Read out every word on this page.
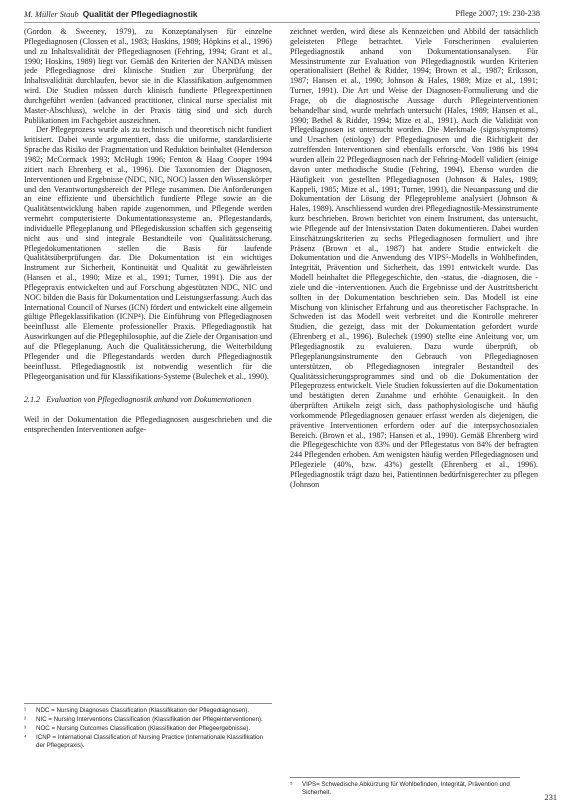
M. Müller Staub Qualität der Pflegediagnostik	Pflege 2007; 19: 230-238

(Gordon & Sweeney, 1979), zu Konzeptanalysen für einzelne Pflegediagnosen (Clossen et al., 1983; Hoskins, 1989; Höpkins et al., 1996) und zu Inhaltsvalidität der Pflegediagnosen (Fehring, 1994; Grant et al., 1990; Hoskins, 1989) liegt vor. Gemäß den Kriterien der NANDA müssen jede Pflegediagnose drei klinische Studien zur Überprüfung der Inhaltsvalidität durchlaufen, bevor sie in die Klassifikation aufgenommen wird. Die Studien müssen durch klinisch fundierte Pflegeexpertinnen durchgeführt werden (advanced practitioner, clinical nurse specialist mit Master-Abschluss), welche in der Praxis tätig sind und sich durch Publikationen im Fachgebiet auszeichnen.

Der Pflegeprozess wurde als zu technisch und theoretisch nicht fundiert kritisiert. Dabei wurde argumentiert, dass die uniforme, standardisierte Sprache das Risiko der Fragmentation und Reduktion beinhaltet (Henderson 1982; McCormack 1993; McHugh 1996; Fenton & Haag Cooper 1994 zitiert nach Ehrenberg et al., 1996). Die Taxonomien der Diagnosen, Interventionen und Ergebnisse (NDC, NIC, NOC) lassen den Wissenskörper und den Verantwortungsbereich der Pflege zusammen. Die Anforderungen an eine effiziente und übersichtlich fundierte Pflege sowie an die Qualitätsentwicklung haben rapide zugenommen, und Pflegende werden vermehrt computerisierte Dokumentationssysteme an. Pflegestandards, individuelle Pflegeplanung und Pflegediskussion schaffen sich gegenseitig nicht aus und sind integrale Bestandteile von Qualitätssicherung. Pflegedokumentationen stellen die Basis für laufende Qualitätsüberprüfungen dar. Die Dokumentation ist ein wichtiges Instrument zur Sicherheit, Kontinuität und Qualität zu gewährleisten (Hansen et al., 1990; Mize et al., 1991; Turner, 1991). Die aus der Pflegepraxis entwickelten und auf Forschung abgestützten NDC, NIC und NOC bilden die Basis für Dokumentation und Leistungserfassung. Auch das International Council of Nurses (ICN) fördert und entwickelt eine allgemein gültige Pflegeklassifikation (ICNP⁴). Die Einführung von Pflegediagnosen beeinflusst alle Elemente professioneller Praxis. Pflegediagnostik hat Auswirkungen auf die Pflegephilosophie, auf die Ziele der Organisation und auf die Pflegeplanung. Auch die Qualitätssicherung, die Weiterbildung Pflegender und die Pflegestandards werden durch Pflegediagnostik beeinflusst. Pflegediagnostik ist notwendig wesentlich für die Pflegeorganisation und für Klassifikations-Systeme (Bulechek et al., 1990).

2.1.2 Evaluation von Pflegediagnostik anhand von Dokumentationen

Weil in der Dokumentation die Pflegediagnosen ausgeschrieben und die entsprechenden Interventionen aufge-

¹	NDC = Nursing Diagnoses Classification (Klassifikation der Pflegediagnosen).
²	NIC = Nursing Interventions Classification (Klassifikation der Pflegeinterventionen).
³	NOC = Nursing Outcomes Classification (Klassifikation der Pflegeergebnisse).
⁴	ICNP = International Classification of Nursing Practice (Internationale Klassifikation der Pflegepraxis).

zeichnet werden, wird diese als Kennzeichen und Abbild der tatsächlich geleisteten Pflege betrachtet. Viele Forscherinnen evaluierten Pflegediagnostik anhand von Dokumentationsanalysen. Für Messinstrumente zur Evaluation von Pflegediagnostik wurden Kriterien operationalisiert (Bethel & Ridder, 1994; Brown et al., 1987; Eriksson, 1987; Hansen et al., 1990; Johnson & Hales, 1989; Mize et al., 1991; Turner, 1991). Die Art und Weise der Diagnosen-Formulierung und die Frage, ob die diagnostische Aussage durch Pflegeinterventionen behandelbar sind, wurde mehrfach untersucht (Hales, 1989; Hansen et al., 1990; Bethel & Ridder, 1994; Mize et al., 1991). Auch die Validität von Pflegediagnosen ist untersucht worden. Die Merkmale (signs/symptoms) und Ursachen (etiology) der Pflegediagnosen und die Richtigkeit der zutreffenden Interventionen sind ebenfalls erforscht. Von 1986 bis 1994 wurden allein 22 Pflegediagnosen nach der Fehring-Modell validiert (einige davon unter methodische Studie (Fehring, 1994). Ebenso wurden die Häufigkeit von gestellten Pflegediagnosen (Johnson & Hales, 1989; Kappeli, 1985; Mize et al., 1991; Turner, 1991), die Neuanpassung und die Dokumentation der Lösung der Pflegeprobleme analysiert (Johnson & Hales, 1989). Anschliessend wurden drei Pflegediagnostik-Messinstrumente kurz beschrieben. Brown berichtet von einem Instrument, das untersucht, wie Pflegende auf der Intensivstation Daten dokumentieren. Dabei wurden Einschätzungskriterien zu sechs Pflegediagnosen formuliert und ihre Präsenz (Brown et al., 1987) hat andere Studie entwickelt die Dokumentation und die Anwendung des VIPS⁵-Modells in Wohlbefinden, Integrität, Prävention und Sicherheit, das 1991 entwickelt wurde. Das Modell beinhaltet die Pflegegeschichte, den -status, die -diagnosen, die -ziele und die -interventionen. Auch die Ergebnisse und der Austrittsbericht sollten in der Dokumentation beschrieben sein. Das Modell ist eine Mischung von klinischer Erfahrung und aus theoretischer Fachsprache. In Schweden ist das Modell weit verbreitet und die Kontrolle mehrerer Studien, die gezeigt, dass mit der Dokumentation gefordert wurde (Ehrenberg et al., 1996). Bulechek (1990) stellte eine Anleitung vor, um Pflegediagnostik zu evaluieren. Dazu wurde überprüft, ob Pflegeplanungsinstrumente den Gebrauch von Pflegediagnosen unterstützen, ob Pflegediagnosen integraler Bestandteil des Qualitätssicherungsprogrammes sind und ob die Dokumentation der Pflegeprozess entwickelt. Viele Studien fokussierten auf die Dokumentation und bestätigten deren Zunahme und erhöhte Genauigkeit. In den überprüften Artikeln zeigt sich, dass pathophysiologische und häufig vorkommende Pflegediagnosen genauer erfasst werden als diejenigen, die präventive Interventionen erfordern oder auf die interpsychosozialen Bereich. (Brown et al., 1987; Hansen et al., 1990). Gemäß Ehrenberg wird die Pflegegeschichte von 83% und der Pflegestatus von 84% der befragten 244 Pflegenden erhoben. Am wenigsten häufig werden Pflegediagnosen und Pflegeziele (40%, bzw. 43%) gestellt (Ehrenberg et al., 1996). Pflegediagnostik trägt dazu bei, Patientinnen bedürfnisgerechter zu pflegen (Johnson

⁵	VIPS= Schwedische Abkürzung für Wohlbefinden, Integrität, Prävention und Sicherheit.
231
